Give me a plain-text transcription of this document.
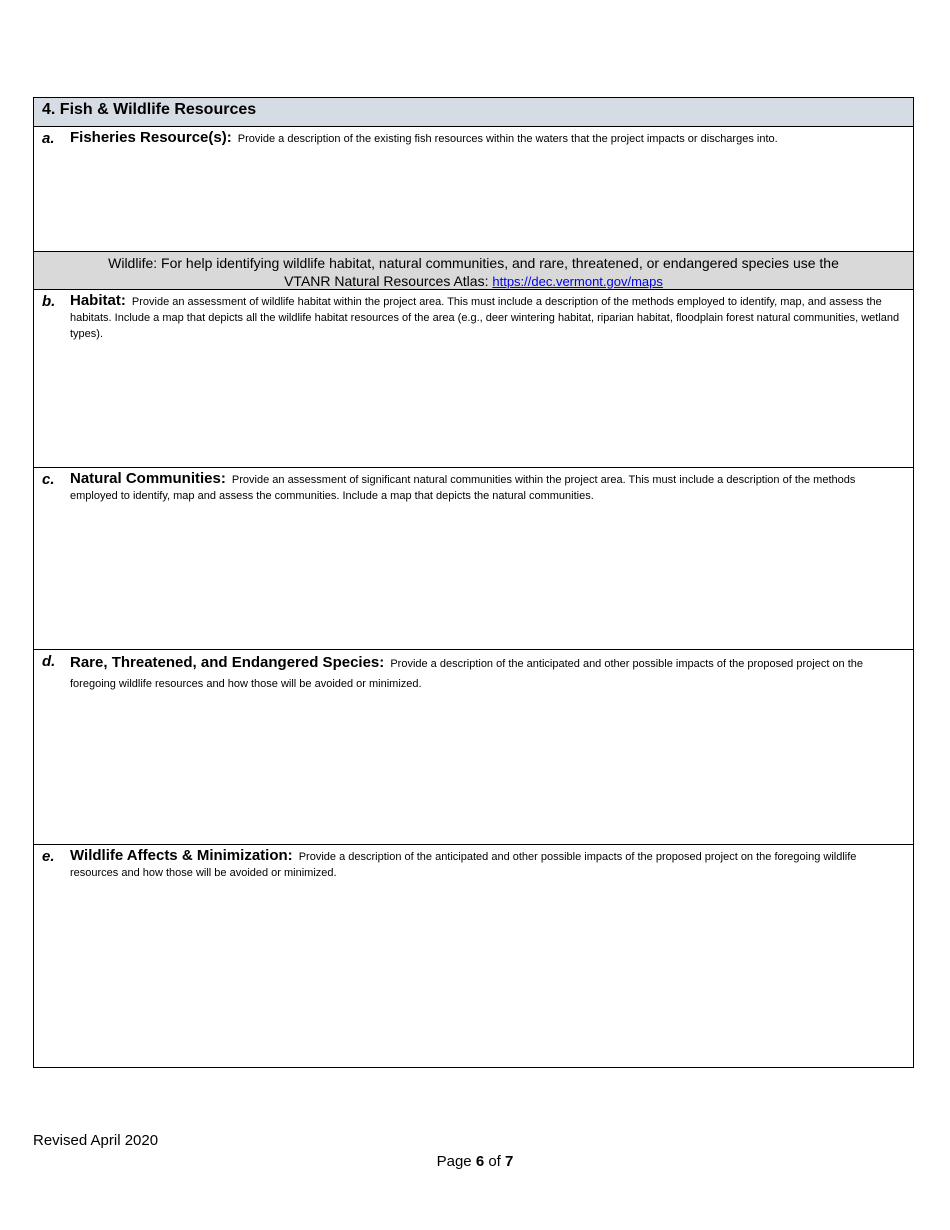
4. Fish & Wildlife Resources
a. Fisheries Resource(s): Provide a description of the existing fish resources within the waters that the project impacts or discharges into.
Wildlife: For help identifying wildlife habitat, natural communities, and rare, threatened, or endangered species use the
VTANR Natural Resources Atlas: https://dec.vermont.gov/maps
b. Habitat: Provide an assessment of wildlife habitat within the project area. This must include a description of the methods employed to identify, map, and assess the habitats. Include a map that depicts all the wildlife habitat resources of the area (e.g., deer wintering habitat, riparian habitat, floodplain forest natural communities, wetland types).
c. Natural Communities: Provide an assessment of significant natural communities within the project area. This must include a description of the methods employed to identify, map and assess the communities. Include a map that depicts the natural communities.
d. Rare, Threatened, and Endangered Species: Provide a description of the anticipated and other possible impacts of the proposed project on the foregoing wildlife resources and how those will be avoided or minimized.
e. Wildlife Affects & Minimization: Provide a description of the anticipated and other possible impacts of the proposed project on the foregoing wildlife resources and how those will be avoided or minimized.
Revised April 2020
Page 6 of 7
